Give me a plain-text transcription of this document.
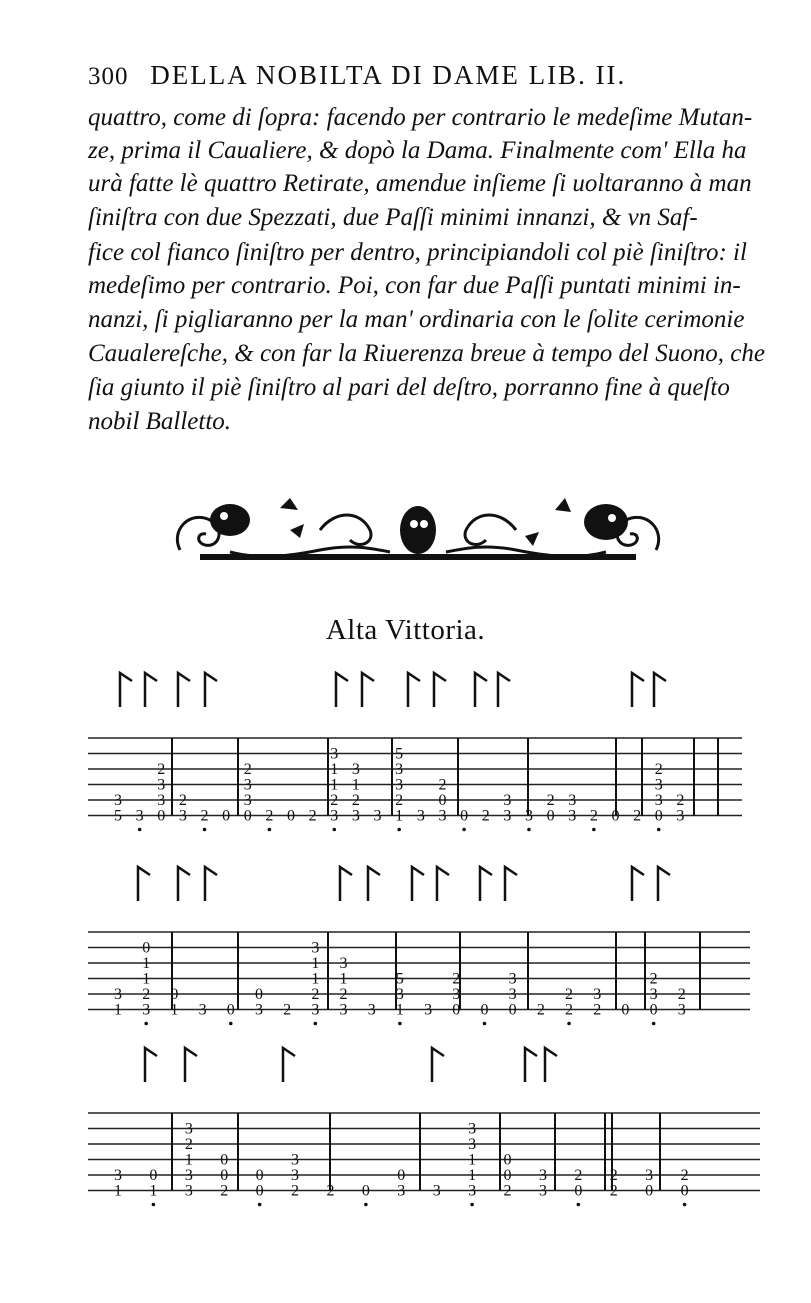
300 DELLA NOBILTA DI DAME LIB. II.
quattro, come di ſopra: facendo per contrario le medeſime Mutan-
ze, prima il Caualiere, & dopò la Dama. Finalmente com' Ella ha
urà fatte lè quattro Retirate, amendue inſieme ſi uoltaranno à man
ſiniſtra con due Spezzati, due Paſſi minimi innanzi, & vn Saf-
fice col fianco ſiniſtro per dentro, principiandoli col piè ſiniſtro: il
medeſimo per contrario. Poi, con far due Paſſi puntati minimi in-
nanzi, ſi pigliaranno per la man' ordinaria con le ſolite cerimonie
Caualereſche, & con far la Riuerenza breue à tempo del Suono, che
ſia giunto il piè ſiniſtro al pari del deſtro, porranno fine à queſto
nobil Balletto.
Alta Vittoria.
5
3
3 0
3
3
2
3
2
2 0 0
3
3
2
2 0 2 3
2
1
1
3
3
2
1
3
3 1
2
3
3
5
3 3
0
2
0 2 3
3
3 0
2
3
3
2 0 2 0
3
3
2
3
2
1
3
3
2
1
1
0
1
0
3 0 3
0
2 3
2
1
1
3
3
2
1
3
3 1
3
5
3 0
3
2
0 0
3
3
2 2
2
2
3
0 0
3
2
3
2
1
3
1
0
3
3
1
2
3
2
0
0
0
0
2
3
3
2 0 3
0
3 3
1
1
3
3
2
0
0
3
3
0
2
2
2
0
3
0
2
